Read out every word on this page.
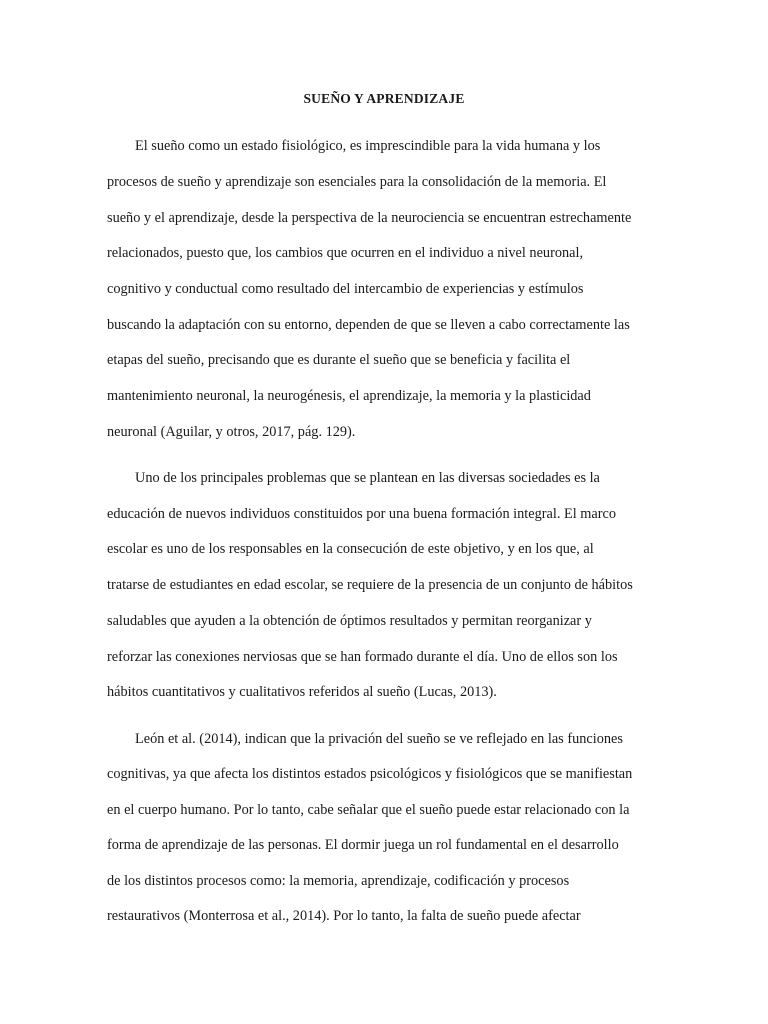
SUEÑO Y APRENDIZAJE
El sueño como un estado fisiológico, es imprescindible para la vida humana y los
procesos de sueño y aprendizaje son esenciales para la consolidación de la memoria. El
sueño y el aprendizaje, desde la perspectiva de la neurociencia se encuentran estrechamente
relacionados, puesto que, los cambios que ocurren en el individuo a nivel neuronal,
cognitivo y conductual como resultado del intercambio de experiencias y estímulos
buscando la adaptación con su entorno, dependen de que se lleven a cabo correctamente las
etapas del sueño, precisando que es durante el sueño que se beneficia y facilita el
mantenimiento neuronal, la neurogénesis, el aprendizaje, la memoria y la plasticidad
neuronal (Aguilar, y otros, 2017, pág. 129).
Uno de los principales problemas que se plantean en las diversas sociedades es la
educación de nuevos individuos constituidos por una buena formación integral. El marco
escolar es uno de los responsables en la consecución de este objetivo, y en los que, al
tratarse de estudiantes en edad escolar, se requiere de la presencia de un conjunto de hábitos
saludables que ayuden a la obtención de óptimos resultados y permitan reorganizar y
reforzar las conexiones nerviosas que se han formado durante el día. Uno de ellos son los
hábitos cuantitativos y cualitativos referidos al sueño (Lucas, 2013).
León et al. (2014), indican que la privación del sueño se ve reflejado en las funciones
cognitivas, ya que afecta los distintos estados psicológicos y fisiológicos que se manifiestan
en el cuerpo humano. Por lo tanto, cabe señalar que el sueño puede estar relacionado con la
forma de aprendizaje de las personas. El dormir juega un rol fundamental en el desarrollo
de los distintos procesos como: la memoria, aprendizaje, codificación y procesos
restaurativos (Monterrosa et al., 2014). Por lo tanto, la falta de sueño puede afectar
